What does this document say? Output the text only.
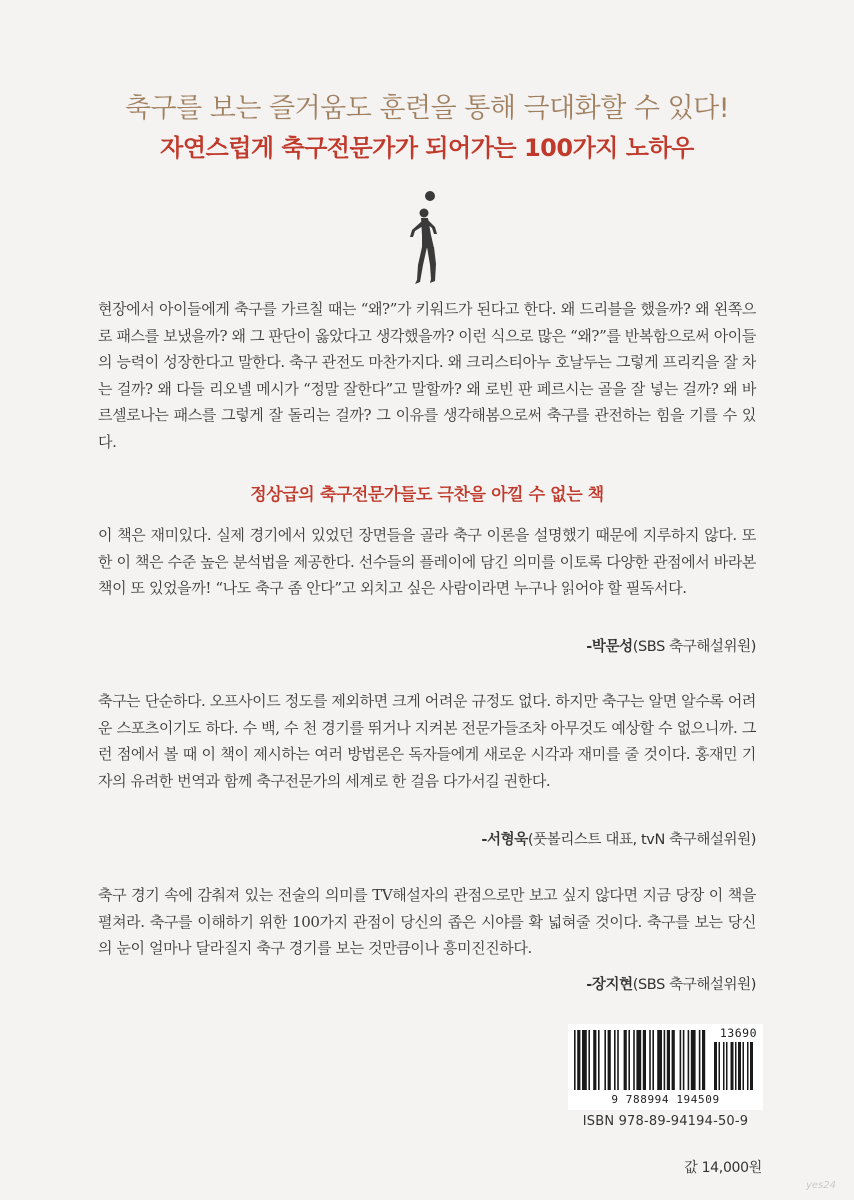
축구를 보는 즐거움도 훈련을 통해 극대화할 수 있다!
자연스럽게 축구전문가가 되어가는 100가지 노하우

현장에서 아이들에게 축구를 가르칠 때는 “왜?”가 키워드가 된다고 한다. 왜 드리블을 했을까? 왜 왼쪽으로 패스를 보냈을까? 왜 그 판단이 옳았다고 생각했을까? 이런 식으로 많은 “왜?”를 반복함으로써 아이들의 능력이 성장한다고 말한다. 축구 관전도 마찬가지다. 왜 크리스티아누 호날두는 그렇게 프리킥을 잘 차는 걸까? 왜 다들 리오넬 메시가 “정말 잘한다”고 말할까? 왜 로빈 판 페르시는 골을 잘 넣는 걸까? 왜 바르셀로나는 패스를 그렇게 잘 돌리는 걸까? 그 이유를 생각해봄으로써 축구를 관전하는 힘을 기를 수 있다.

정상급의 축구전문가들도 극찬을 아낄 수 없는 책

이 책은 재미있다. 실제 경기에서 있었던 장면들을 골라 축구 이론을 설명했기 때문에 지루하지 않다. 또한 이 책은 수준 높은 분석법을 제공한다. 선수들의 플레이에 담긴 의미를 이토록 다양한 관점에서 바라본 책이 또 있었을까! “나도 축구 좀 안다”고 외치고 싶은 사람이라면 누구나 읽어야 할 필독서다.

-박문성(SBS 축구해설위원)

축구는 단순하다. 오프사이드 정도를 제외하면 크게 어려운 규정도 없다. 하지만 축구는 알면 알수록 어려운 스포츠이기도 하다. 수 백, 수 천 경기를 뛰거나 지켜본 전문가들조차 아무것도 예상할 수 없으니까. 그런 점에서 볼 때 이 책이 제시하는 여러 방법론은 독자들에게 새로운 시각과 재미를 줄 것이다. 홍재민 기자의 유려한 번역과 함께 축구전문가의 세계로 한 걸음 다가서길 권한다.

-서형욱(풋볼리스트 대표, tvN 축구해설위원)

축구 경기 속에 감춰져 있는 전술의 의미를 TV해설자의 관점으로만 보고 싶지 않다면 지금 당장 이 책을 펼쳐라. 축구를 이해하기 위한 100가지 관점이 당신의 좁은 시야를 확 넓혀줄 것이다. 축구를 보는 당신의 눈이 얼마나 달라질지 축구 경기를 보는 것만큼이나 흥미진진하다.

-장지현(SBS 축구해설위원)
13690
9 788994 194509
ISBN 978-89-94194-50-9
값 14,000원
yes24
